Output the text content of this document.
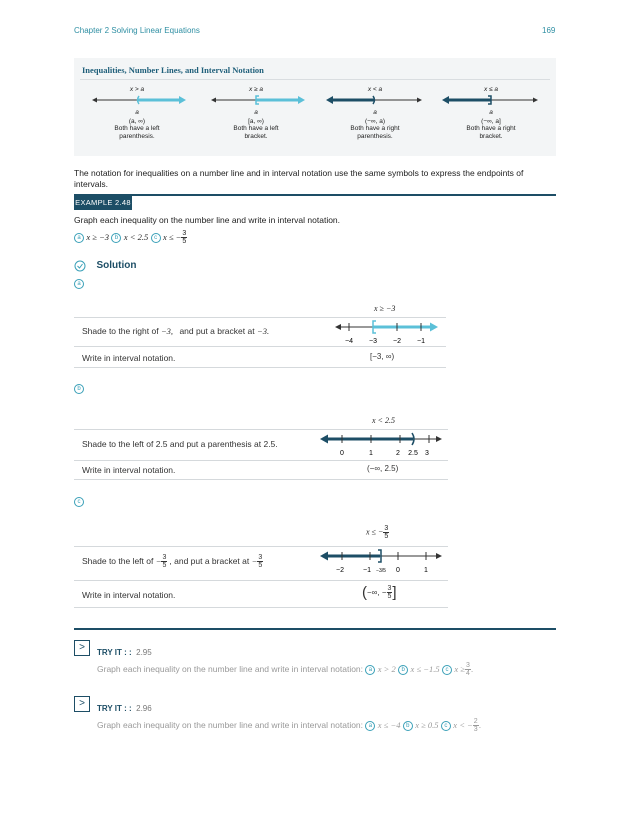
Chapter 2 Solving Linear Equations	169
Inequalities, Number Lines, and Interval Notation
x > a
a
(a, ∞)
Both have a left
parenthesis.
x ≥ a
a
[a, ∞)
Both have a left
bracket.
x < a
a
(−∞, a)
Both have a right
parenthesis.
x ≤ a
a
(−∞, a]
Both have a right
bracket.
The notation for inequalities on a number line and in interval notation use the same symbols to express the endpoints of intervals.
EXAMPLE 2.48
Graph each inequality on the number line and write in interval notation.
a x ≥ −3 b x < 2.5 c x ≤ − $\frac{3}{5}$
Solution
a
x ≥ −3
Shade to the right of −3, and put a bracket at −3.
−4 −3 −2 −1
Write in interval notation.	[−3, ∞)
b
x < 2.5
Shade to the left of 2.5 and put a parenthesis at 2.5.
0	1	2 2.5 3
Write in interval notation.	(−∞, 2.5)
c
x ≤ − $\frac{3}{5}$
Shade to the left of − $\frac{3}{5}$ , and put a bracket at − $\frac{3}{5}$
−2	−1 −3/5 0	1
Write in interval notation.	(−∞, − $\frac{3}{5}$ ]
>	TRY IT : : 2.95
Graph each inequality on the number line and write in interval notation: a x > 2 b x ≤ −1.5 c $x \ge \frac{3}{4}$ .
>	TRY IT : : 2.96
Graph each inequality on the number line and write in interval notation: a x ≤ −4 b x ≥ 0.5 c x < − $\frac{2}{3}$ .
